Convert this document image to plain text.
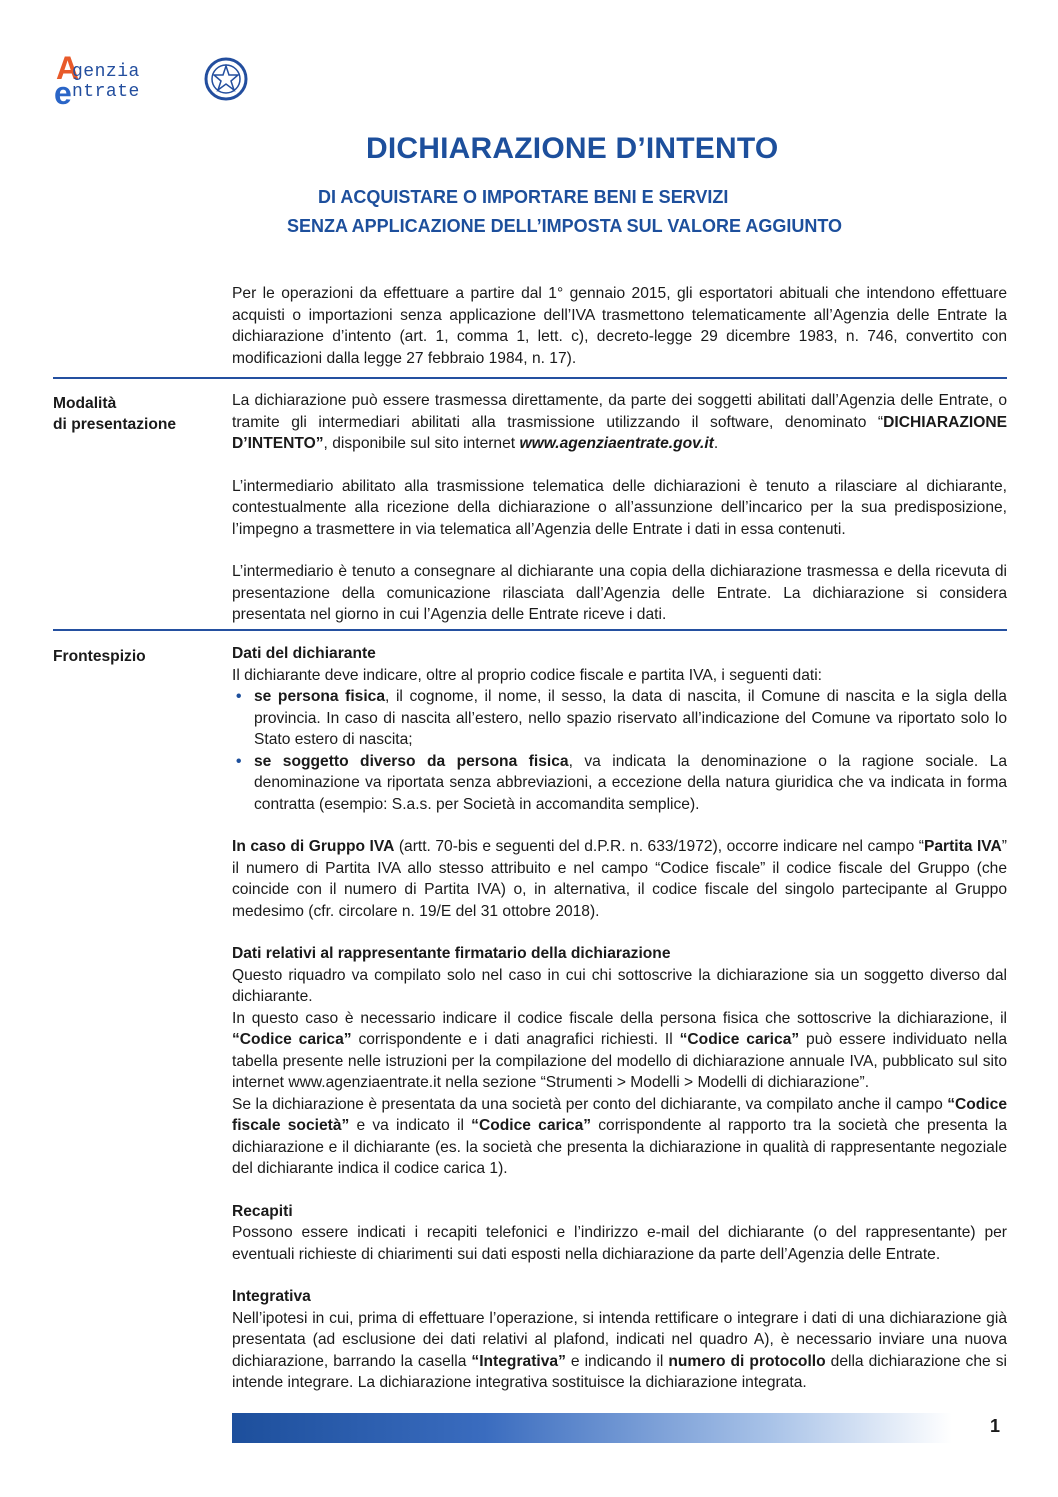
A
e
genzia
ntrate
DICHIARAZIONE D’INTENTO
DI ACQUISTARE O IMPORTARE BENI E SERVIZI
SENZA APPLICAZIONE DELL’IMPOSTA SUL VALORE AGGIUNTO
Per le operazioni da effettuare a partire dal 1° gennaio 2015, gli esportatori abituali che intendono effettuare acquisti o importazioni senza applicazione dell’IVA trasmettono telematicamente all’Agenzia delle Entrate la dichiarazione d’intento (art. 1, comma 1, lett. c), decreto-legge 29 dicembre 1983, n. 746, convertito con modificazioni dalla legge 27 febbraio 1984, n. 17).
Modalità
di presentazione

La dichiarazione può essere trasmessa direttamente, da parte dei soggetti abilitati dall’Agenzia delle Entrate, o tramite gli intermediari abilitati alla trasmissione utilizzando il software, denominato “DICHIARAZIONE D’INTENTO”, disponibile sul sito internet www.agenziaentrate.gov.it.

L’intermediario abilitato alla trasmissione telematica delle dichiarazioni è tenuto a rilasciare al dichiarante, contestualmente alla ricezione della dichiarazione o all’assunzione dell’incarico per la sua predisposizione, l’impegno a trasmettere in via telematica all’Agenzia delle Entrate i dati in essa contenuti.

L’intermediario è tenuto a consegnare al dichiarante una copia della dichiarazione trasmessa e della ricevuta di presentazione della comunicazione rilasciata dall’Agenzia delle Entrate. La dichiarazione si considera presentata nel giorno in cui l’Agenzia delle Entrate riceve i dati.

Frontespizio	Dati del dichiarante

Il dichiarante deve indicare, oltre al proprio codice fiscale e partita IVA, i seguenti dati:

• se persona fisica, il cognome, il nome, il sesso, la data di nascita, il Comune di nascita e la sigla della provincia. In caso di nascita all’estero, nello spazio riservato all’indicazione del Comune va riportato solo lo Stato estero di nascita;

• se soggetto diverso da persona fisica, va indicata la denominazione o la ragione sociale. La denominazione va riportata senza abbreviazioni, a eccezione della natura giuridica che va indicata in forma contratta (esempio: S.a.s. per Società in accomandita semplice).

In caso di Gruppo IVA (artt. 70-bis e seguenti del d.P.R. n. 633/1972), occorre indicare nel campo “Partita IVA” il numero di Partita IVA allo stesso attribuito e nel campo “Codice fiscale” il codice fiscale del Gruppo (che coincide con il numero di Partita IVA) o, in alternativa, il codice fiscale del singolo partecipante al Gruppo medesimo (cfr. circolare n. 19/E del 31 ottobre 2018).

Dati relativi al rappresentante firmatario della dichiarazione

Questo riquadro va compilato solo nel caso in cui chi sottoscrive la dichiarazione sia un soggetto diverso dal dichiarante.

In questo caso è necessario indicare il codice fiscale della persona fisica che sottoscrive la dichiarazione, il “Codice carica” corrispondente e i dati anagrafici richiesti. Il “Codice carica” può essere individuato nella tabella presente nelle istruzioni per la compilazione del modello di dichiarazione annuale IVA, pubblicato sul sito internet www.agenziaentrate.it nella sezione “Strumenti > Modelli > Modelli di dichiarazione”.

Se la dichiarazione è presentata da una società per conto del dichiarante, va compilato anche il campo “Codice fiscale società” e va indicato il “Codice carica” corrispondente al rapporto tra la società che presenta la dichiarazione e il dichiarante (es. la società che presenta la dichiarazione in qualità di rappresentante negoziale del dichiarante indica il codice carica 1).

Recapiti

Possono essere indicati i recapiti telefonici e l’indirizzo e-mail del dichiarante (o del rappresentante) per eventuali richieste di chiarimenti sui dati esposti nella dichiarazione da parte dell’Agenzia delle Entrate.

Integrativa

Nell’ipotesi in cui, prima di effettuare l’operazione, si intenda rettificare o integrare i dati di una dichiarazione già presentata (ad esclusione dei dati relativi al plafond, indicati nel quadro A), è necessario inviare una nuova dichiarazione, barrando la casella “Integrativa” e indicando il numero di protocollo della dichiarazione che si intende integrare. La dichiarazione integrativa sostituisce la dichiarazione integrata.

1
